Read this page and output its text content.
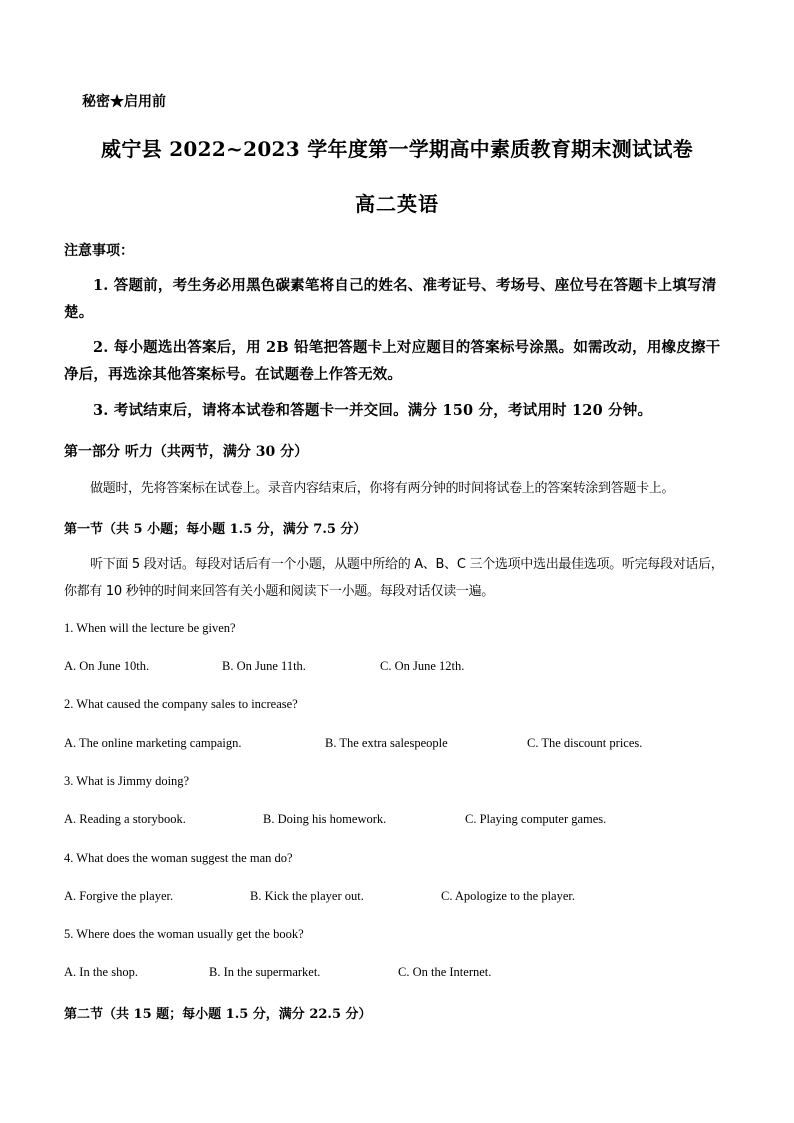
秘密★启用前
威宁县 2022~2023 学年度第一学期高中素质教育期末测试试卷
高二英语
注意事项：
1. 答题前，考生务必用黑色碳素笔将自己的姓名、准考证号、考场号、座位号在答题卡上填写清楚。
2. 每小题选出答案后，用 2B 铅笔把答题卡上对应题目的答案标号涂黑。如需改动，用橡皮擦干净后，再选涂其他答案标号。在试题卷上作答无效。
3. 考试结束后，请将本试卷和答题卡一并交回。满分 150 分，考试用时 120 分钟。
第一部分 听力（共两节，满分 30 分）
做题时，先将答案标在试卷上。录音内容结束后，你将有两分钟的时间将试卷上的答案转涂到答题卡上。
第一节（共 5 小题；每小题 1.5 分，满分 7.5 分）
听下面 5 段对话。每段对话后有一个小题，从题中所给的 A、B、C 三个选项中选出最佳选项。听完每段对话后，你都有 10 秒钟的时间来回答有关小题和阅读下一小题。每段对话仅读一遍。
1. When will the lecture be given?
A. On June 10th.	B. On June 11th.	C. On June 12th.
2. What caused the company sales to increase?
A. The online marketing campaign.	B. The extra salespeople	C. The discount prices.
3. What is Jimmy doing?
A. Reading a storybook.	B. Doing his homework.	C. Playing computer games.
4. What does the woman suggest the man do?
A. Forgive the player.	B. Kick the player out.	C. Apologize to the player.
5. Where does the woman usually get the book?
A. In the shop.	B. In the supermarket.	C. On the Internet.
第二节（共 15 题；每小题 1.5 分，满分 22.5 分）
